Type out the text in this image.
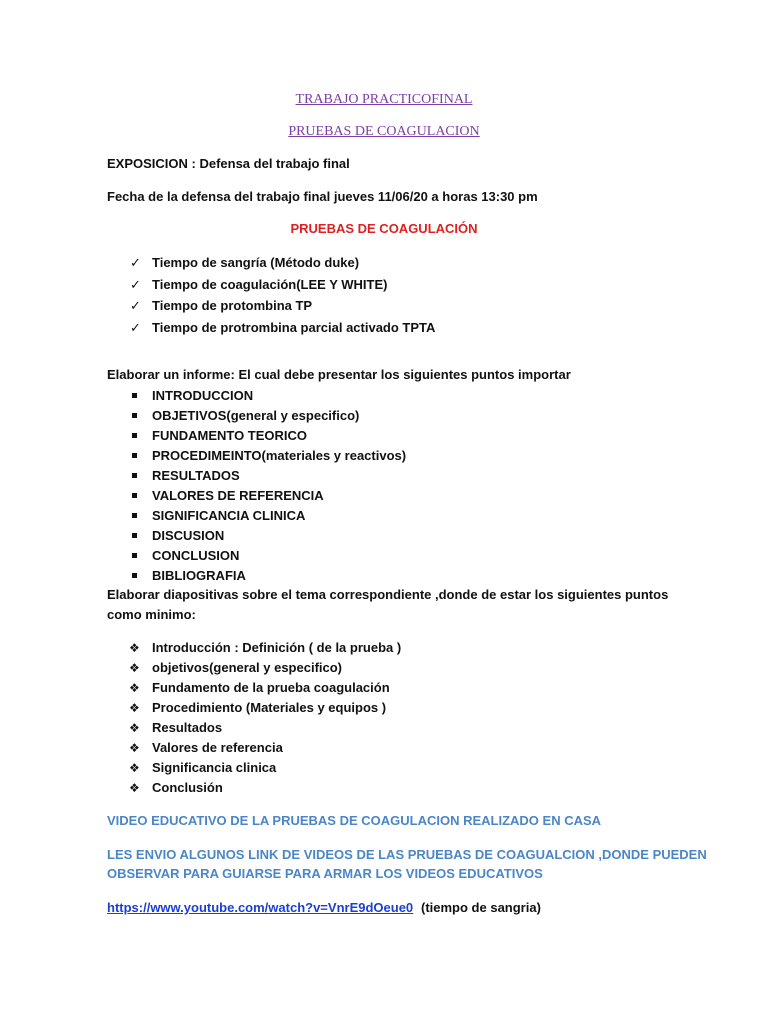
TRABAJO PRACTICOFINAL
PRUEBAS DE COAGULACION
EXPOSICION : Defensa del trabajo final
Fecha de la defensa del trabajo final jueves 11/06/20 a horas 13:30 pm
PRUEBAS DE COAGULACIÓN
✓ Tiempo de sangría (Método duke)
✓ Tiempo de coagulación(LEE Y WHITE)
✓ Tiempo de protombina TP
✓ Tiempo de protrombina parcial activado TPTA
Elaborar un informe: El cual debe presentar los siguientes puntos importar
INTRODUCCION
OBJETIVOS(general y especifico)
FUNDAMENTO TEORICO
PROCEDIMEINTO(materiales y reactivos)
RESULTADOS
VALORES DE REFERENCIA
SIGNIFICANCIA CLINICA
DISCUSION
CONCLUSION
BIBLIOGRAFIA
Elaborar diapositivas sobre el tema correspondiente ,donde de estar los siguientes puntos
como minimo:
❖ Introducción : Definición ( de la prueba )
❖ objetivos(general y especifico)
❖ Fundamento de la prueba coagulación
❖ Procedimiento (Materiales y equipos )
❖ Resultados
❖ Valores de referencia
❖ Significancia clinica
❖ Conclusión
VIDEO EDUCATIVO DE LA PRUEBAS DE COAGULACION REALIZADO EN CASA
LES ENVIO ALGUNOS LINK DE VIDEOS DE LAS PRUEBAS DE COAGUALCION ,DONDE PUEDEN
OBSERVAR PARA GUIARSE PARA ARMAR LOS VIDEOS EDUCATIVOS
https://www.youtube.com/watch?v=VnrE9dOeue0 (tiempo de sangria)
